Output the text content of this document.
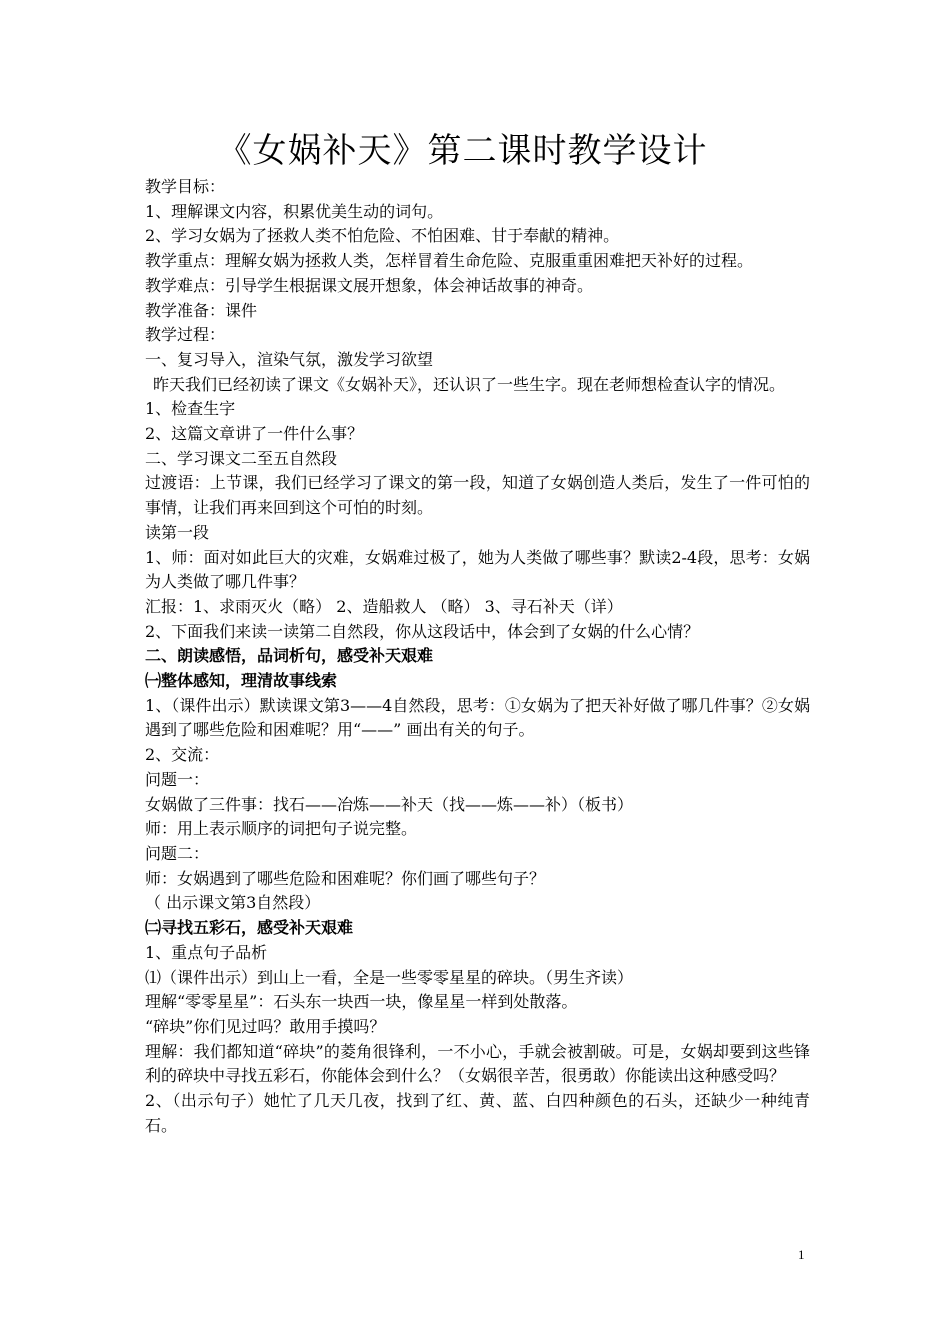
《女娲补天》第二课时教学设计

教学目标：

1、理解课文内容，积累优美生动的词句。

2、学习女娲为了拯救人类不怕危险、不怕困难、甘于奉献的精神。

教学重点：理解女娲为拯救人类，怎样冒着生命危险、克服重重困难把天补好的过程。

教学难点：引导学生根据课文展开想象，体会神话故事的神奇。

教学准备：课件

教学过程：

一、复习导入，渲染气氛，激发学习欲望

昨天我们已经初读了课文《女娲补天》，还认识了一些生字。现在老师想检查认字的情况。

1、检查生字

2、这篇文章讲了一件什么事？

二、学习课文二至五自然段

过渡语：上节课，我们已经学习了课文的第一段，知道了女娲创造人类后，发生了一件可怕的事情，让我们再来回到这个可怕的时刻。

读第一段

1、师：面对如此巨大的灾难，女娲难过极了，她为人类做了哪些事？默读2-4段，思考：女娲为人类做了哪几件事？

汇报：1、求雨灭火（略） 2、造船救人 （略） 3、寻石补天（详）

2、下面我们来读一读第二自然段，你从这段话中，体会到了女娲的什么心情？

二、朗读感悟，品词析句，感受补天艰难

㈠整体感知，理清故事线索

1、（课件出示）默读课文第3——4自然段，思考：①女娲为了把天补好做了哪几件事？②女娲遇到了哪些危险和困难呢？用“——” 画出有关的句子。

2、交流：

问题一：

女娲做了三件事：找石——冶炼——补天（找——炼——补）（板书）

师：用上表示顺序的词把句子说完整。

问题二：

师：女娲遇到了哪些危险和困难呢？你们画了哪些句子？

（ 出示课文第3自然段）

㈡寻找五彩石，感受补天艰难

1、重点句子品析

⑴（课件出示）到山上一看，全是一些零零星星的碎块。（男生齐读）

理解“零零星星”：石头东一块西一块，像星星一样到处散落。

“碎块”你们见过吗？敢用手摸吗？

理解：我们都知道“碎块”的菱角很锋利，一不小心，手就会被割破。可是，女娲却要到这些锋利的碎块中寻找五彩石，你能体会到什么？（女娲很辛苦，很勇敢）你能读出这种感受吗？

2、（出示句子）她忙了几天几夜，找到了红、黄、蓝、白四种颜色的石头，还缺少一种纯青石。

1
